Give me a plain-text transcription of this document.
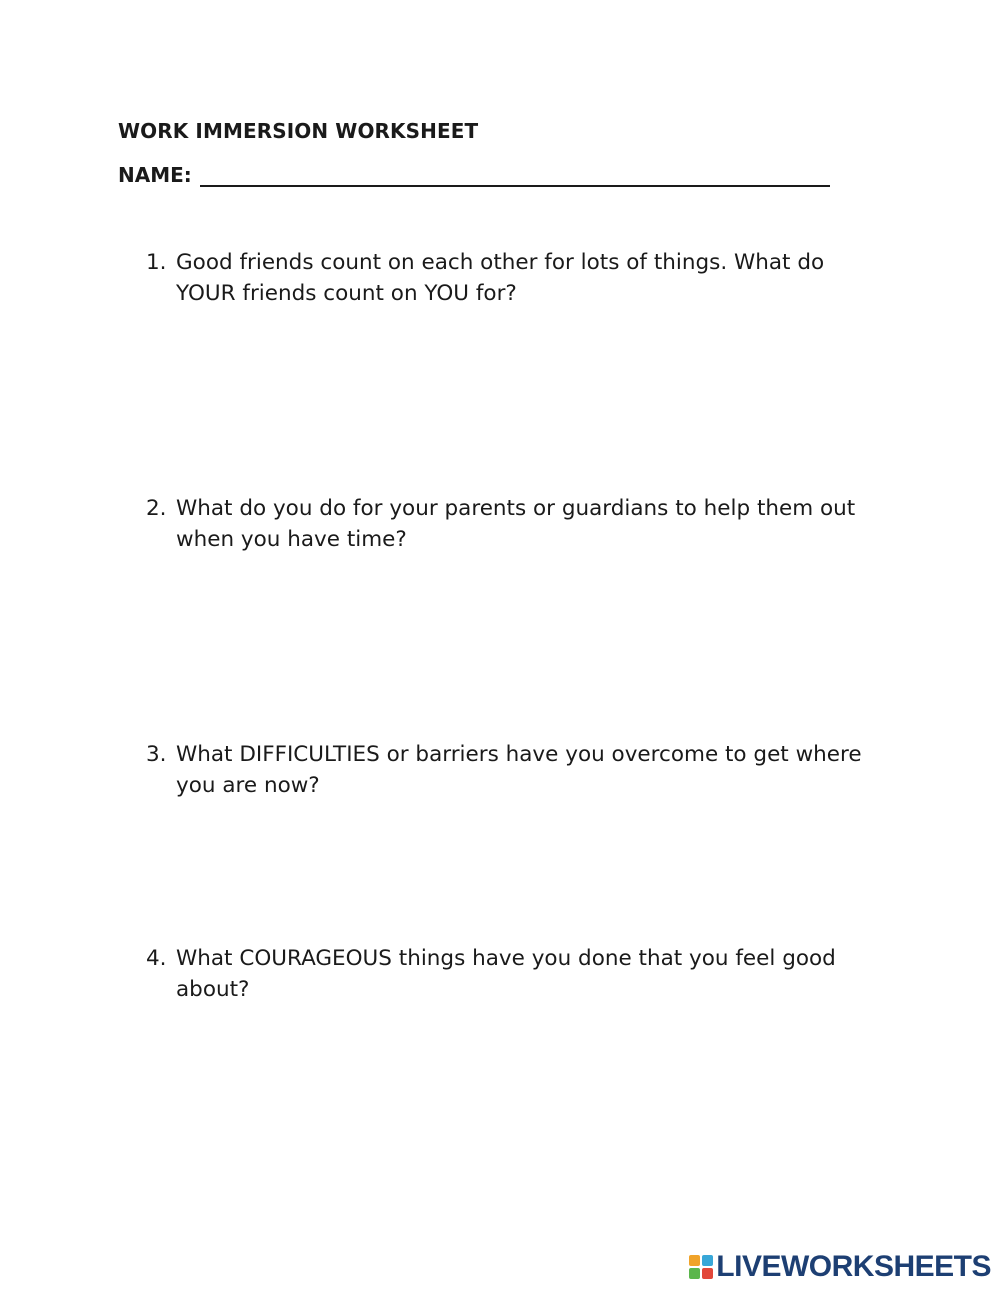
WORK IMMERSION WORKSHEET
NAME:
1. Good friends count on each other for lots of things. What do YOUR friends count on YOU for?
2. What do you do for your parents or guardians to help them out when you have time?
3. What DIFFICULTIES or barriers have you overcome to get where you are now?
4. What COURAGEOUS things have you done that you feel good about?
LIVEWORKSHEETS
